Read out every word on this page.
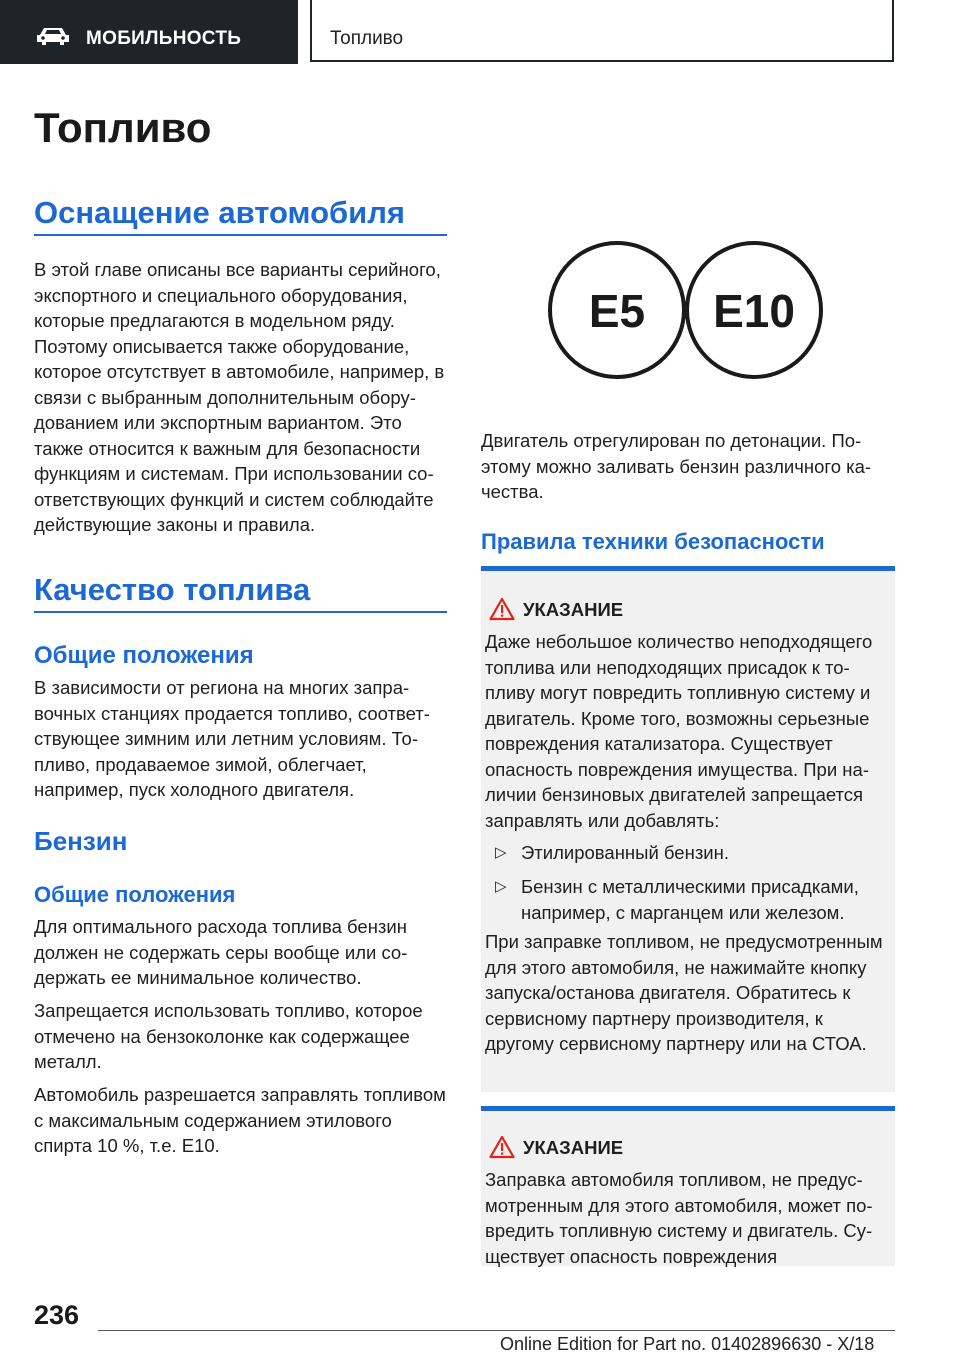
МОБИЛЬНОСТЬ	Топливо
Топливо
Оснащение автомобиля

В этой главе описаны все варианты серийного, экспортного и специального оборудования, которые предлагаются в модельном ряду. Поэтому описывается также оборудование, которое отсутствует в автомобиле, например, в связи с выбранным дополнительным оборудованием или экспортным вариантом. Это также относится к важным для безопасности функциям и системам. При использовании соответствующих функций и систем соблюдайте действующие законы и правила.

Качество топлива
Общие положения

В зависимости от региона на многих заправочных станциях продается топливо, соответствующее зимним или летним условиям. Топливо, продаваемое зимой, облегчает, например, пуск холодного двигателя.

Бензин
Общие положения

Для оптимального расхода топлива бензин должен не содержать серы вообще или содержать ее минимальное количество.

Запрещается использовать топливо, которое отмечено на бензоколонке как содержащее металл.

Автомобиль разрешается заправлять топливом с максимальным содержанием этилового спирта 10 %, т.е. E10.

E5 E10

Двигатель отрегулирован по детонации. Поэтому можно заливать бензин различного качества.

Правила техники безопасности
УКАЗАНИЕ

Даже небольшое количество неподходящего топлива или неподходящих присадок к топливу могут повредить топливную систему и двигатель. Кроме того, возможны серьезные повреждения катализатора. Существует опасность повреждения имущества. При наличии бензиновых двигателей запрещается заправлять или добавлять:

▷ Этилированный бензин.

▷ Бензин с металлическими присадками, например, с марганцем или железом.

При заправке топливом, не предусмотренным для этого автомобиля, не нажимайте кнопку запуска/останова двигателя. Обратитесь к сервисному партнеру производителя, к другому сервисному партнеру или на СТОА.

УКАЗАНИЕ

Заправка автомобиля топливом, не предусмотренным для этого автомобиля, может повредить топливную систему и двигатель. Существует опасность повреждения

236
Online Edition for Part no. 01402896630 - X/18
